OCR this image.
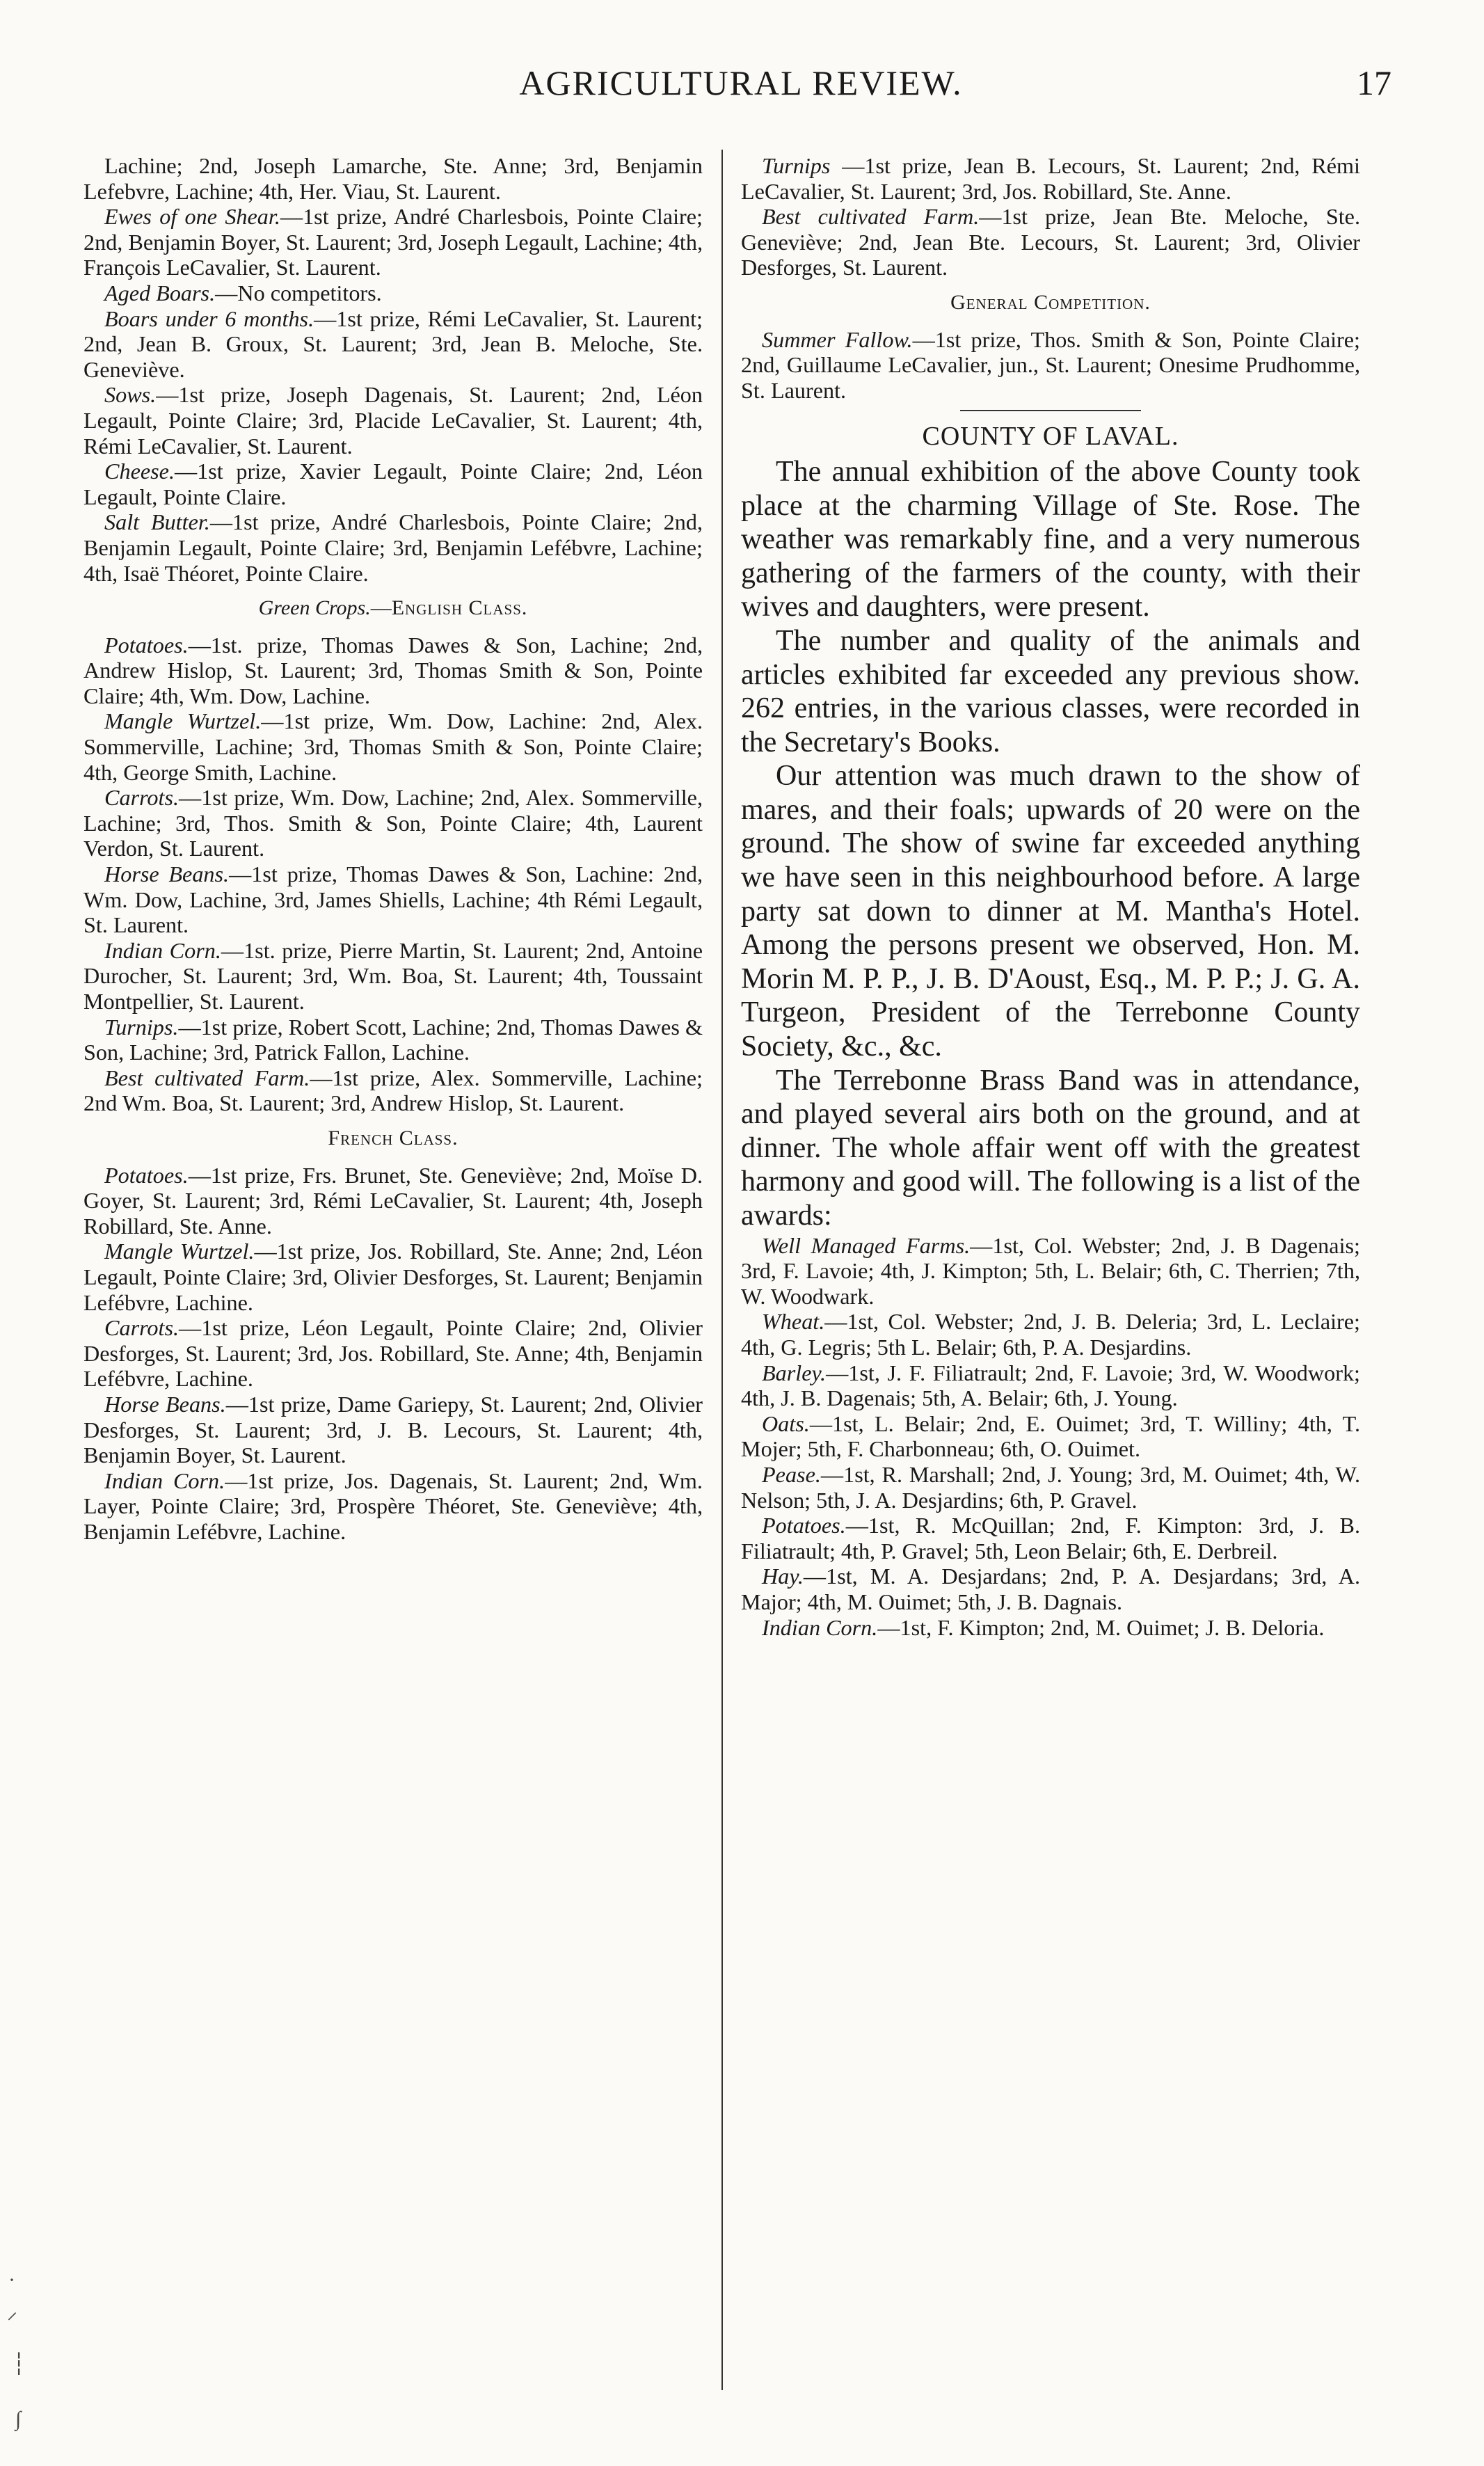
AGRICULTURAL REVIEW.	17

Lachine; 2nd, Joseph Lamarche, Ste. Anne; 3rd, Benjamin Lefebvre, Lachine; 4th, Her. Viau, St. Laurent.

Ewes of one Shear.—1st prize, André Charlesbois, Pointe Claire; 2nd, Benjamin Boyer, St. Laurent; 3rd, Joseph Legault, Lachine; 4th, François LeCavalier, St. Laurent.

Aged Boars.—No competitors.

Boars under 6 months.—1st prize, Rémi LeCavalier, St. Laurent; 2nd, Jean B. Groux, St. Laurent; 3rd, Jean B. Meloche, Ste. Geneviève.

Sows.—1st prize, Joseph Dagenais, St. Laurent; 2nd, Léon Legault, Pointe Claire; 3rd, Placide LeCavalier, St. Laurent; 4th, Rémi LeCavalier, St. Laurent.

Cheese.—1st prize, Xavier Legault, Pointe Claire; 2nd, Léon Legault, Pointe Claire.

Salt Butter.—1st prize, André Charlesbois, Pointe Claire; 2nd, Benjamin Legault, Pointe Claire; 3rd, Benjamin Lefébvre, Lachine; 4th, Isaë Théoret, Pointe Claire.

Green Crops.—English Class.

Potatoes.—1st. prize, Thomas Dawes & Son, Lachine; 2nd, Andrew Hislop, St. Laurent; 3rd, Thomas Smith & Son, Pointe Claire; 4th, Wm. Dow, Lachine.

Mangle Wurtzel.—1st prize, Wm. Dow, Lachine: 2nd, Alex. Sommerville, Lachine; 3rd, Thomas Smith & Son, Pointe Claire; 4th, George Smith, Lachine.

Carrots.—1st prize, Wm. Dow, Lachine; 2nd, Alex. Sommerville, Lachine; 3rd, Thos. Smith & Son, Pointe Claire; 4th, Laurent Verdon, St. Laurent.

Horse Beans.—1st prize, Thomas Dawes & Son, Lachine: 2nd, Wm. Dow, Lachine, 3rd, James Shiells, Lachine; 4th Rémi Legault, St. Laurent.

Indian Corn.—1st. prize, Pierre Martin, St. Laurent; 2nd, Antoine Durocher, St. Laurent; 3rd, Wm. Boa, St. Laurent; 4th, Toussaint Montpellier, St. Laurent.

Turnips.—1st prize, Robert Scott, Lachine; 2nd, Thomas Dawes & Son, Lachine; 3rd, Patrick Fallon, Lachine.

Best cultivated Farm.—1st prize, Alex. Sommerville, Lachine; 2nd Wm. Boa, St. Laurent; 3rd, Andrew Hislop, St. Laurent.

French Class.

Potatoes.—1st prize, Frs. Brunet, Ste. Geneviève; 2nd, Moïse D. Goyer, St. Laurent; 3rd, Rémi LeCavalier, St. Laurent; 4th, Joseph Robillard, Ste. Anne.

Mangle Wurtzel.—1st prize, Jos. Robillard, Ste. Anne; 2nd, Léon Legault, Pointe Claire; 3rd, Olivier Desforges, St. Laurent; Benjamin Lefébvre, Lachine.

Carrots.—1st prize, Léon Legault, Pointe Claire; 2nd, Olivier Desforges, St. Laurent; 3rd, Jos. Robillard, Ste. Anne; 4th, Benjamin Lefébvre, Lachine.

Horse Beans.—1st prize, Dame Gariepy, St. Laurent; 2nd, Olivier Desforges, St. Laurent; 3rd, J. B. Lecours, St. Laurent; 4th, Benjamin Boyer, St. Laurent.

Indian Corn.—1st prize, Jos. Dagenais, St. Laurent; 2nd, Wm. Layer, Pointe Claire; 3rd, Prospère Théoret, Ste. Geneviève; 4th, Benjamin Lefébvre, Lachine.

Turnips —1st prize, Jean B. Lecours, St. Laurent; 2nd, Rémi LeCavalier, St. Laurent; 3rd, Jos. Robillard, Ste. Anne.

Best cultivated Farm.—1st prize, Jean Bte. Meloche, Ste. Geneviève; 2nd, Jean Bte. Lecours, St. Laurent; 3rd, Olivier Desforges, St. Laurent.

General Competition.

Summer Fallow.—1st prize, Thos. Smith & Son, Pointe Claire; 2nd, Guillaume LeCavalier, jun., St. Laurent; Onesime Prudhomme, St. Laurent.

COUNTY OF LAVAL.

The annual exhibition of the above County took place at the charming Village of Ste. Rose. The weather was remarkably fine, and a very numerous gathering of the farmers of the county, with their wives and daughters, were present.

The number and quality of the animals and articles exhibited far exceeded any previous show. 262 entries, in the various classes, were recorded in the Secretary's Books.

Our attention was much drawn to the show of mares, and their foals; upwards of 20 were on the ground. The show of swine far exceeded anything we have seen in this neighbourhood before. A large party sat down to dinner at M. Mantha's Hotel. Among the persons present we observed, Hon. M. Morin M. P. P., J. B. D'Aoust, Esq., M. P. P.; J. G. A. Turgeon, President of the Terrebonne County Society, &c., &c.

The Terrebonne Brass Band was in attendance, and played several airs both on the ground, and at dinner. The whole affair went off with the greatest harmony and good will. The following is a list of the awards:

Well Managed Farms.—1st, Col. Webster; 2nd, J. B Dagenais; 3rd, F. Lavoie; 4th, J. Kimpton; 5th, L. Belair; 6th, C. Therrien; 7th, W. Woodwark.

Wheat.—1st, Col. Webster; 2nd, J. B. Deleria; 3rd, L. Leclaire; 4th, G. Legris; 5th L. Belair; 6th, P. A. Desjardins.

Barley.—1st, J. F. Filiatrault; 2nd, F. Lavoie; 3rd, W. Woodwork; 4th, J. B. Dagenais; 5th, A. Belair; 6th, J. Young.

Oats.—1st, L. Belair; 2nd, E. Ouimet; 3rd, T. Williny; 4th, T. Mojer; 5th, F. Charbonneau; 6th, O. Ouimet.

Pease.—1st, R. Marshall; 2nd, J. Young; 3rd, M. Ouimet; 4th, W. Nelson; 5th, J. A. Desjardins; 6th, P. Gravel.

Potatoes.—1st, R. McQuillan; 2nd, F. Kimpton: 3rd, J. B. Filiatrault; 4th, P. Gravel; 5th, Leon Belair; 6th, E. Derbreil.

Hay.—1st, M. A. Desjardans; 2nd, P. A. Desjardans; 3rd, A. Major; 4th, M. Ouimet; 5th, J. B. Dagnais.

Indian Corn.—1st, F. Kimpton; 2nd, M. Ouimet; J. B. Deloria.

·
⸝
┆
∫
